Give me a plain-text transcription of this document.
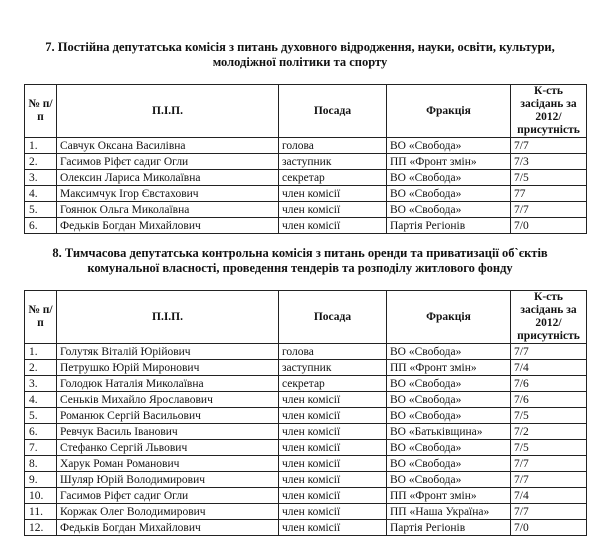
7. Постійна депутатська комісія з питань духовного відродження, науки, освіти, культури,
молодіжної політики та спорту
№ п/п	П.І.П.	Посада	Фракція	К-сть засідань за 2012/присутність
1.	Савчук Оксана Василівна	голова	ВО «Свобода»	7/7
2.	Гасимов Ріфєт садиг Огли	заступник	ПП «Фронт змін»	7/3
3.	Олексин Лариса Миколаївна	секретар	ВО «Свобода»	7/5
4.	Максимчук Ігор Євстахович	член комісії	ВО «Свобода»	77
5.	Гоянюк Ольга Миколаївна	член комісії	ВО «Свобода»	7/7
6.	Федьків Богдан Михайлович	член комісії	Партія Регіонів	7/0
8. Тимчасова депутатська контрольна комісія з питань оренди та приватизації об`єктів
комунальної власності, проведення тендерів та розподілу житлового фонду
№ п/п	П.І.П.	Посада	Фракція	К-сть засідань за 2012/присутність
1.	Голутяк Віталій Юрійович	голова	ВО «Свобода»	7/7
2.	Петрушко Юрій Миронович	заступник	ПП «Фронт змін»	7/4
3.	Голодюк Наталія Миколаївна	секретар	ВО «Свобода»	7/6
4.	Сеньків Михайло Ярославович	член комісії	ВО «Свобода»	7/6
5.	Романюк Сергій Васильович	член комісії	ВО «Свобода»	7/5
6.	Ревчук Василь Іванович	член комісії	ВО «Батьківщина»	7/2
7.	Стефанко Сергій Львович	член комісії	ВО «Свобода»	7/5
8.	Харук Роман Романович	член комісії	ВО «Свобода»	7/7
9.	Шуляр Юрій Володимирович	член комісії	ВО «Свобода»	7/7
10.	Гасимов Ріфєт садиг Огли	член комісії	ПП «Фронт змін»	7/4
11.	Коржак Олег Володимирович	член комісії	ПП «Наша Україна»	7/7
12.	Федьків Богдан Михайлович	член комісії	Партія Регіонів	7/0
